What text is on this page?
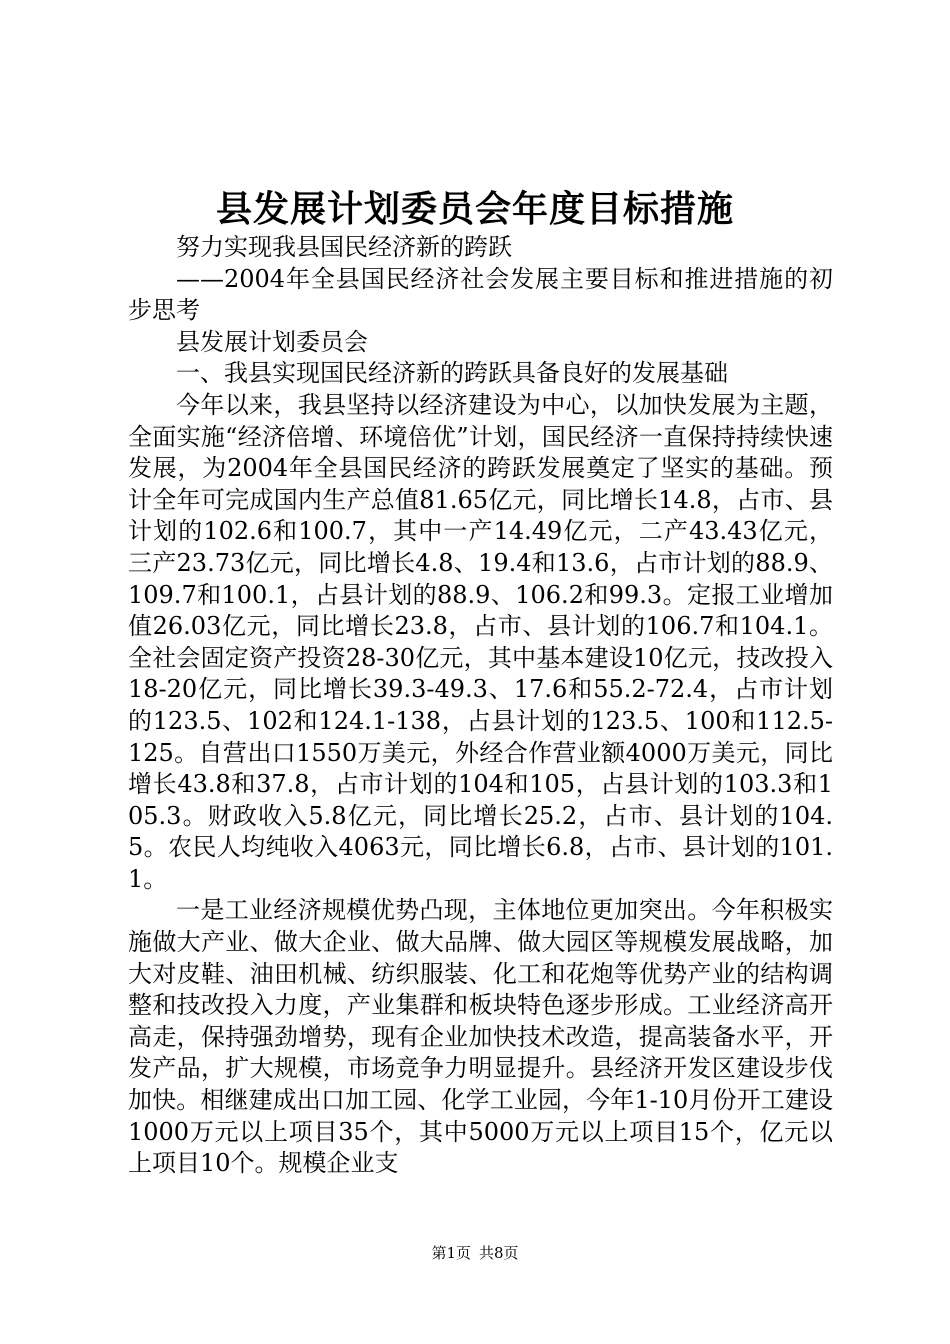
县发展计划委员会年度目标措施

努力实现我县国民经济新的跨跃

——2004年全县国民经济社会发展主要目标和推进措施的初步思考

县发展计划委员会

一、我县实现国民经济新的跨跃具备良好的发展基础

今年以来，我县坚持以经济建设为中心，以加快发展为主题，全面实施“经济倍增、环境倍优”计划，国民经济一直保持持续快速发展，为2004年全县国民经济的跨跃发展奠定了坚实的基础。预计全年可完成国内生产总值81.65亿元，同比增长14.8，占市、县计划的102.6和100.7，其中一产14.49亿元，二产43.43亿元，三产23.73亿元，同比增长4.8、19.4和13.6，占市计划的88.9、109.7和100.1，占县计划的88.9、106.2和99.3。定报工业增加值26.03亿元，同比增长23.8，占市、县计划的106.7和104.1。全社会固定资产投资28-30亿元，其中基本建设10亿元，技改投入18-20亿元，同比增长39.3-49.3、17.6和55.2-72.4，占市计划的123.5、102和124.1-138，占县计划的123.5、100和112.5-125。自营出口1550万美元，外经合作营业额4000万美元，同比增长43.8和37.8，占市计划的104和105，占县计划的103.3和105.3。财政收入5.8亿元，同比增长25.2，占市、县计划的104.5。农民人均纯收入4063元，同比增长6.8，占市、县计划的101.1。

一是工业经济规模优势凸现，主体地位更加突出。今年积极实施做大产业、做大企业、做大品牌、做大园区等规模发展战略，加大对皮鞋、油田机械、纺织服装、化工和花炮等优势产业的结构调整和技改投入力度，产业集群和板块特色逐步形成。工业经济高开高走，保持强劲增势，现有企业加快技术改造，提高装备水平，开发产品，扩大规模，市场竞争力明显提升。县经济开发区建设步伐加快。相继建成出口加工园、化学工业园，今年1-10月份开工建设1000万元以上项目35个，其中5000万元以上项目15个，亿元以上项目10个。规模企业支

第1页 共8页
